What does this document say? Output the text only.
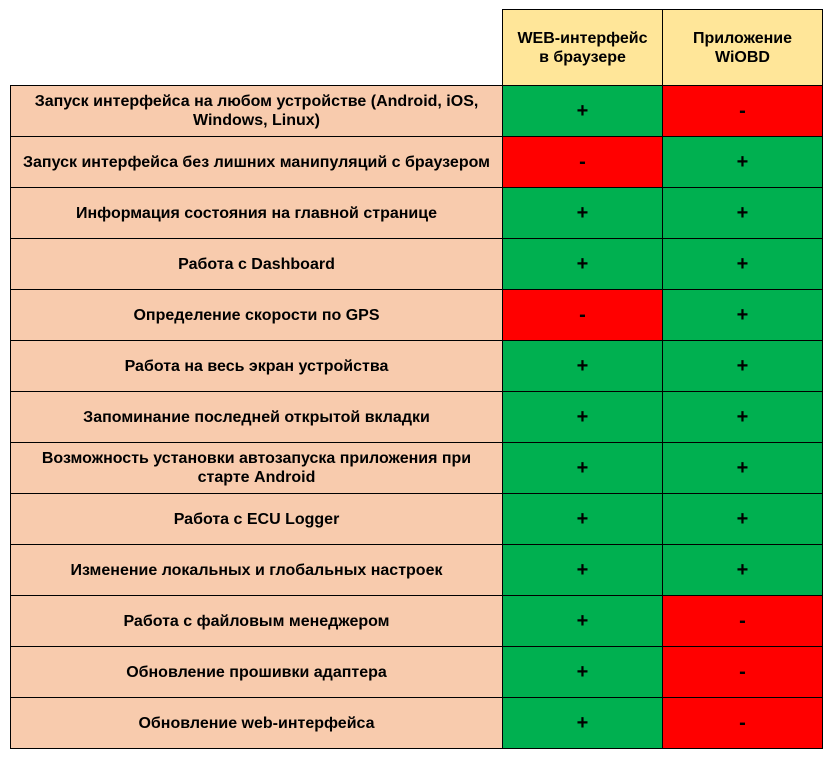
	WEB-интерфейс в браузере	Приложение WiOBD
Запуск интерфейса на любом устройстве (Android, iOS, Windows, Linux)	+	-
Запуск интерфейса без лишних манипуляций с браузером	-	+
Информация состояния на главной странице	+	+
Работа с Dashboard	+	+
Определение скорости по GPS	-	+
Работа на весь экран устройства	+	+
Запоминание последней открытой вкладки	+	+
Возможность установки автозапуска приложения при старте Android	+	+
Работа с ECU Logger	+	+
Изменение локальных и глобальных настроек	+	+
Работа с файловым менеджером	+	-
Обновление прошивки адаптера	+	-
Обновление web-интерфейса	+	-
